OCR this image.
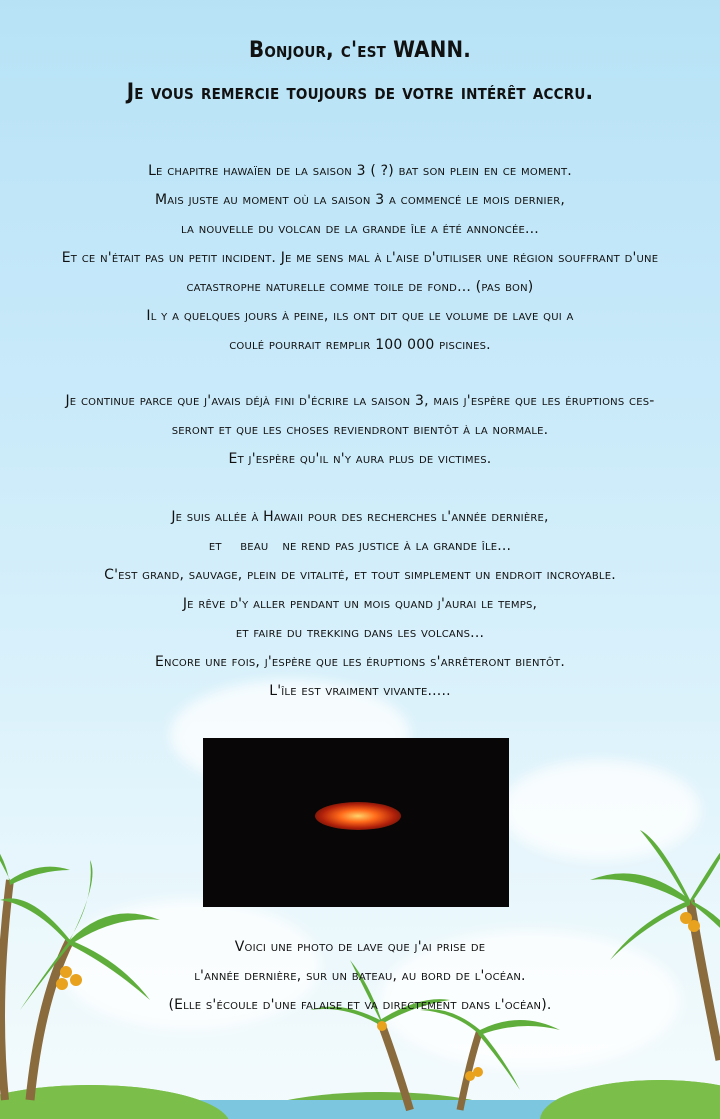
Bonjour, c'est WANN.
Je vous remercie toujours de votre intérêt accru.
Le chapitre hawaïen de la saison 3 ( ?) bat son plein en ce moment.
Mais juste au moment où la saison 3 a commencé le mois dernier,
la nouvelle du volcan de la grande île a été annoncée...
Et ce n'était pas un petit incident. Je me sens mal à l'aise d'utiliser une région souffrant d'une
catastrophe naturelle comme toile de fond... (pas bon)
Il y a quelques jours à peine, ils ont dit que le volume de lave qui a
coulé pourrait remplir 100 000 piscines.
Je continue parce que j'avais déjà fini d'écrire la saison 3, mais j'espère que les éruptions ces-
seront et que les choses reviendront bientôt à la normale.
Et j'espère qu'il n'y aura plus de victimes.
Je suis allée à Hawaii pour des recherches l'année dernière,
et    beau   ne rend pas justice à la grande île...
C'est grand, sauvage, plein de vitalité, et tout simplement un endroit incroyable.
Je rêve d'y aller pendant un mois quand j'aurai le temps,
et faire du trekking dans les volcans...
Encore une fois, j'espère que les éruptions s'arrêteront bientôt.
L'île est vraiment vivante.....
Voici une photo de lave que j'ai prise de
l'année dernière, sur un bateau, au bord de l'océan.
(Elle s'écoule d'une falaise et va directement dans l'océan).
